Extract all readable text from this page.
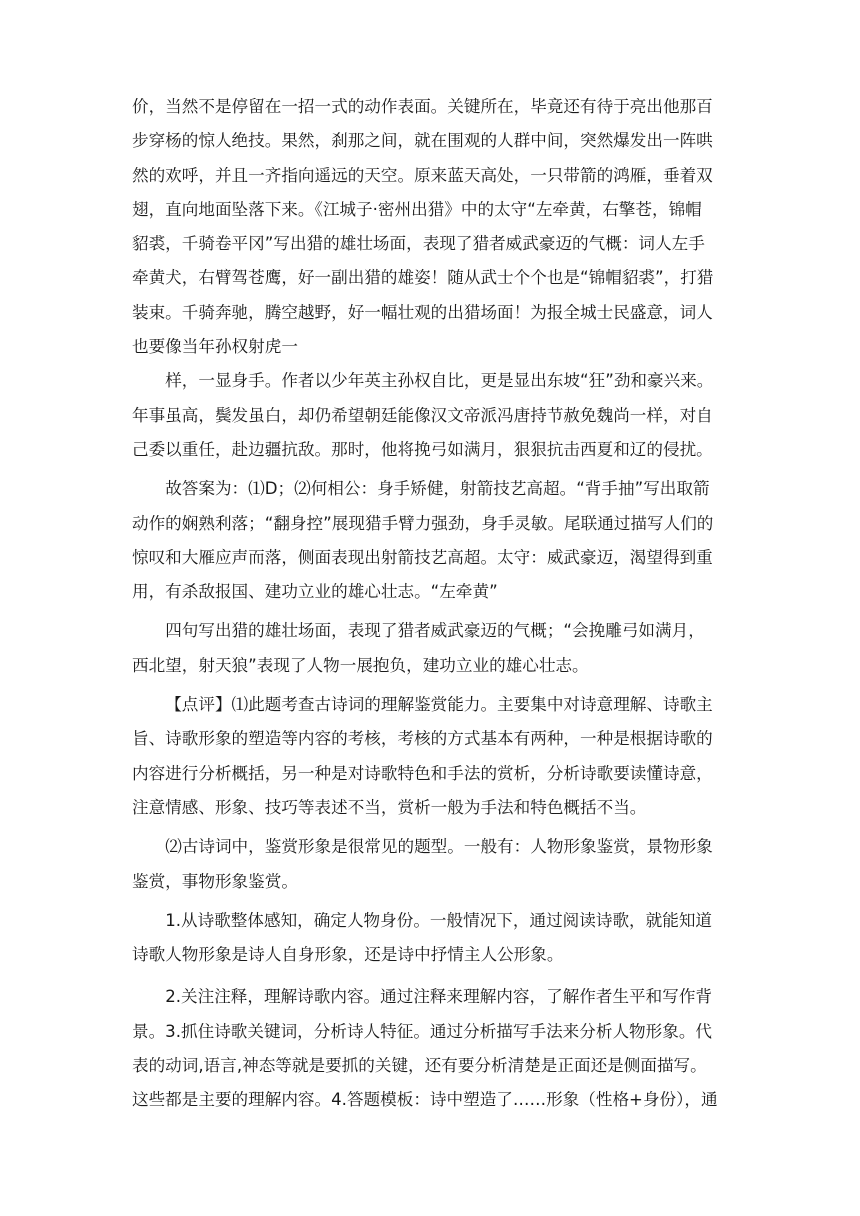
价，当然不是停留在一招一式的动作表面。关键所在，毕竟还有待于亮出他那百
步穿杨的惊人绝技。果然，刹那之间，就在围观的人群中间，突然爆发出一阵哄
然的欢呼，并且一齐指向遥远的天空。原来蓝天高处，一只带箭的鸿雁，垂着双
翅，直向地面坠落下来。《江城子·密州出猎》中的太守“左牵黄，右擎苍，锦帽
貂裘，千骑卷平冈”写出猎的雄壮场面，表现了猎者威武豪迈的气概：词人左手
牵黄犬，右臂驾苍鹰，好一副出猎的雄姿！随从武士个个也是“锦帽貂裘”，打猎
装束。千骑奔驰，腾空越野，好一幅壮观的出猎场面！为报全城士民盛意，词人
也要像当年孙权射虎一

样，一显身手。作者以少年英主孙权自比，更是显出东坡“狂”劲和豪兴来。
年事虽高，鬓发虽白，却仍希望朝廷能像汉文帝派冯唐持节赦免魏尚一样，对自
己委以重任，赴边疆抗敌。那时，他将挽弓如满月，狠狠抗击西夏和辽的侵扰。

故答案为：⑴D；⑵何相公：身手矫健，射箭技艺高超。“背手抽”写出取箭
动作的娴熟利落；“翻身控”展现猎手臂力强劲，身手灵敏。尾联通过描写人们的
惊叹和大雁应声而落，侧面表现出射箭技艺高超。太守：威武豪迈，渴望得到重
用，有杀敌报国、建功立业的雄心壮志。“左牵黄”

四句写出猎的雄壮场面，表现了猎者威武豪迈的气概；“会挽雕弓如满月，
西北望，射天狼”表现了人物一展抱负，建功立业的雄心壮志。

【点评】⑴此题考查古诗词的理解鉴赏能力。主要集中对诗意理解、诗歌主
旨、诗歌形象的塑造等内容的考核，考核的方式基本有两种，一种是根据诗歌的
内容进行分析概括，另一种是对诗歌特色和手法的赏析，分析诗歌要读懂诗意，
注意情感、形象、技巧等表述不当，赏析一般为手法和特色概括不当。

⑵古诗词中，鉴赏形象是很常见的题型。一般有：人物形象鉴赏，景物形象
鉴赏，事物形象鉴赏。

1.从诗歌整体感知，确定人物身份。一般情况下，通过阅读诗歌，就能知道
诗歌人物形象是诗人自身形象，还是诗中抒情主人公形象。

2.关注注释，理解诗歌内容。通过注释来理解内容，了解作者生平和写作背
景。3.抓住诗歌关键词，分析诗人特征。通过分析描写手法来分析人物形象。代
表的动词,语言,神态等就是要抓的关键，还有要分析清楚是正面还是侧面描写。
这些都是主要的理解内容。4.答题模板：诗中塑造了……形象（性格+身份），通
